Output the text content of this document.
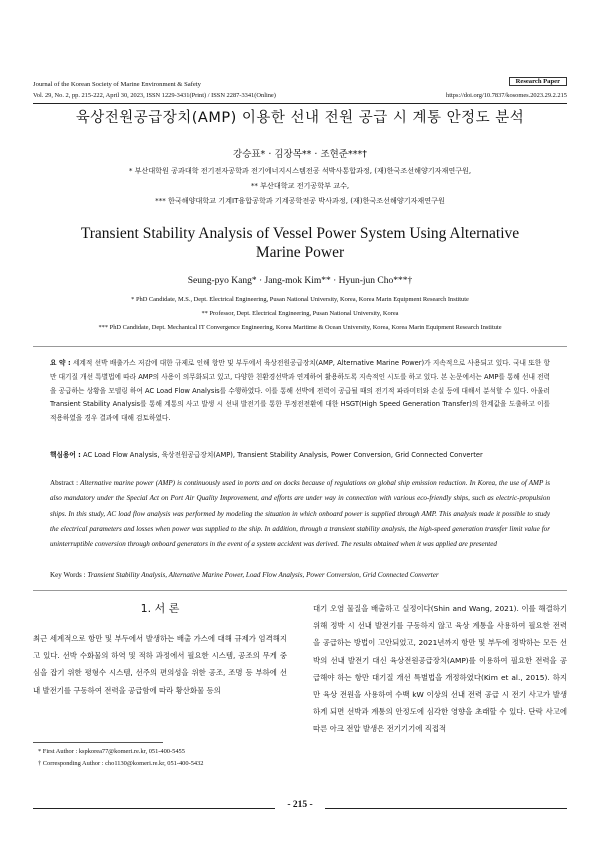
Journal of the Korean Society of Marine Environment & Safety	Research Paper
Vol. 29, No. 2, pp. 215-222, April 30, 2023, ISSN 1229-3431(Print) / ISSN 2287-3341(Online)	https://doi.org/10.7837/kosomes.2023.29.2.215
육상전원공급장치(AMP) 이용한 선내 전원 공급 시 계통 안정도 분석
강승표* · 김장목** · 조현준***†
* 부산대학원 공과대학 전기전자공학과 전기에너지시스템전공 석박사통합과정, (재)한국조선해양기자재연구원,
** 부산대학교 전기공학부 교수,
*** 한국해양대학교 기계IT융합공학과 기계공학전공 박사과정, (재)한국조선해양기자재연구원
Transient Stability Analysis of Vessel Power System Using Alternative Marine Power
Seung-pyo Kang* · Jang-mok Kim** · Hyun-jun Cho***†
* PhD Candidate, M.S., Dept. Electrical Engineering, Pusan National University, Korea, Korea Marin Equipment Research Institute
** Professor, Dept. Electrical Engineering, Pusan National University, Korea
*** PhD Candidate, Dept. Mechanical IT Convergence Engineering, Korea Maritime & Ocean University, Korea, Korea Marin Equipment Research Institute
요 약 : 세계적 선박 배출가스 저감에 대한 규제로 인해 항만 및 부두에서 육상전원공급장치(AMP, Alternative Marine Power)가 지속적으로 사용되고 있다. 국내 또한 항만 대기질 개선 특별법에 따라 AMP의 사용이 의무화되고 있고, 다양한 친환경선박과 연계하여 활용하도록 지속적인 시도를 하고 있다. 본 논문에서는 AMP를 통해 선내 전력을 공급하는 상황을 모델링 하여 AC Load Flow Analysis를 수행하였다. 이를 통해 선박에 전력이 공급될 때의 전기적 파라미터와 손실 등에 대해서 분석할 수 있다. 아울러 Transient Stability Analysis를 통해 계통의 사고 발생 시 선내 발전기를 통한 무정전전환에 대한 HSGT(High Speed Generation Transfer)의 한계값을 도출하고 이를 적용하였을 경우 결과에 대해 검토하였다.
핵심용어 : AC Load Flow Analysis, 육상전원공급장치(AMP), Transient Stability Analysis, Power Conversion, Grid Connected Converter
Abstract : Alternative marine power (AMP) is continuously used in ports and on docks because of regulations on global ship emission reduction. In Korea, the use of AMP is also mandatory under the Special Act on Port Air Quality Improvement, and efforts are under way in connection with various eco-friendly ships, such as electric-propulsion ships. In this study, AC load flow analysis was performed by modeling the situation in which onboard power is supplied through AMP. This analysis made it possible to study the electrical parameters and losses when power was supplied to the ship. In addition, through a transient stability analysis, the high-speed generation transfer limit value for uninterruptible conversion through onboard generators in the event of a system accident was derived. The results obtained when it was applied are presented
Key Words : Transient Stability Analysis, Alternative Marine Power, Load Flow Analysis, Power Conversion, Grid Connected Converter
1. 서 론
최근 세계적으로 항만 및 부두에서 발생하는 배출 가스에 대해 규제가 엄격해지고 있다. 선박 수화물의 하역 및 적하 과정에서 필요한 시스템, 공조의 무게 중심을 잡기 위한 평형수 시스템, 선주의 편의성을 위한 공조, 조명 등 부하에 선내 발전기를 구동하여 전력을 공급함에 따라 황산화물 등의
대기 오염 물질을 배출하고 실정이다(Shin and Wang, 2021). 이를 해결하기 위해 정박 시 선내 발전기를 구동하지 않고 육상 계통을 사용하여 필요한 전력을 공급하는 방법이 고안되었고, 2021년까지 항만 및 부두에 정박하는 모든 선박의 선내 발전기 대신 육상전원공급장치(AMP)를 이용하여 필요한 전력을 공급해야 하는 항만 대기질 개선 특별법을 개정하였다(Kim et al., 2015). 하지만 육상 전원을 사용하여 수백 kW 이상의 선내 전력 공급 시 전기 사고가 발생하게 되면 선박과 계통의 안정도에 심각한 영향을 초래할 수 있다. 단락 사고에 따른 아크 전압 발생은 전기기기에 직접적
* First Author : kspkorea77@komeri.re.kr, 051-400-5455
† Corresponding Author : cho1130@komeri.re.kr, 051-400-5432
- 215 -
